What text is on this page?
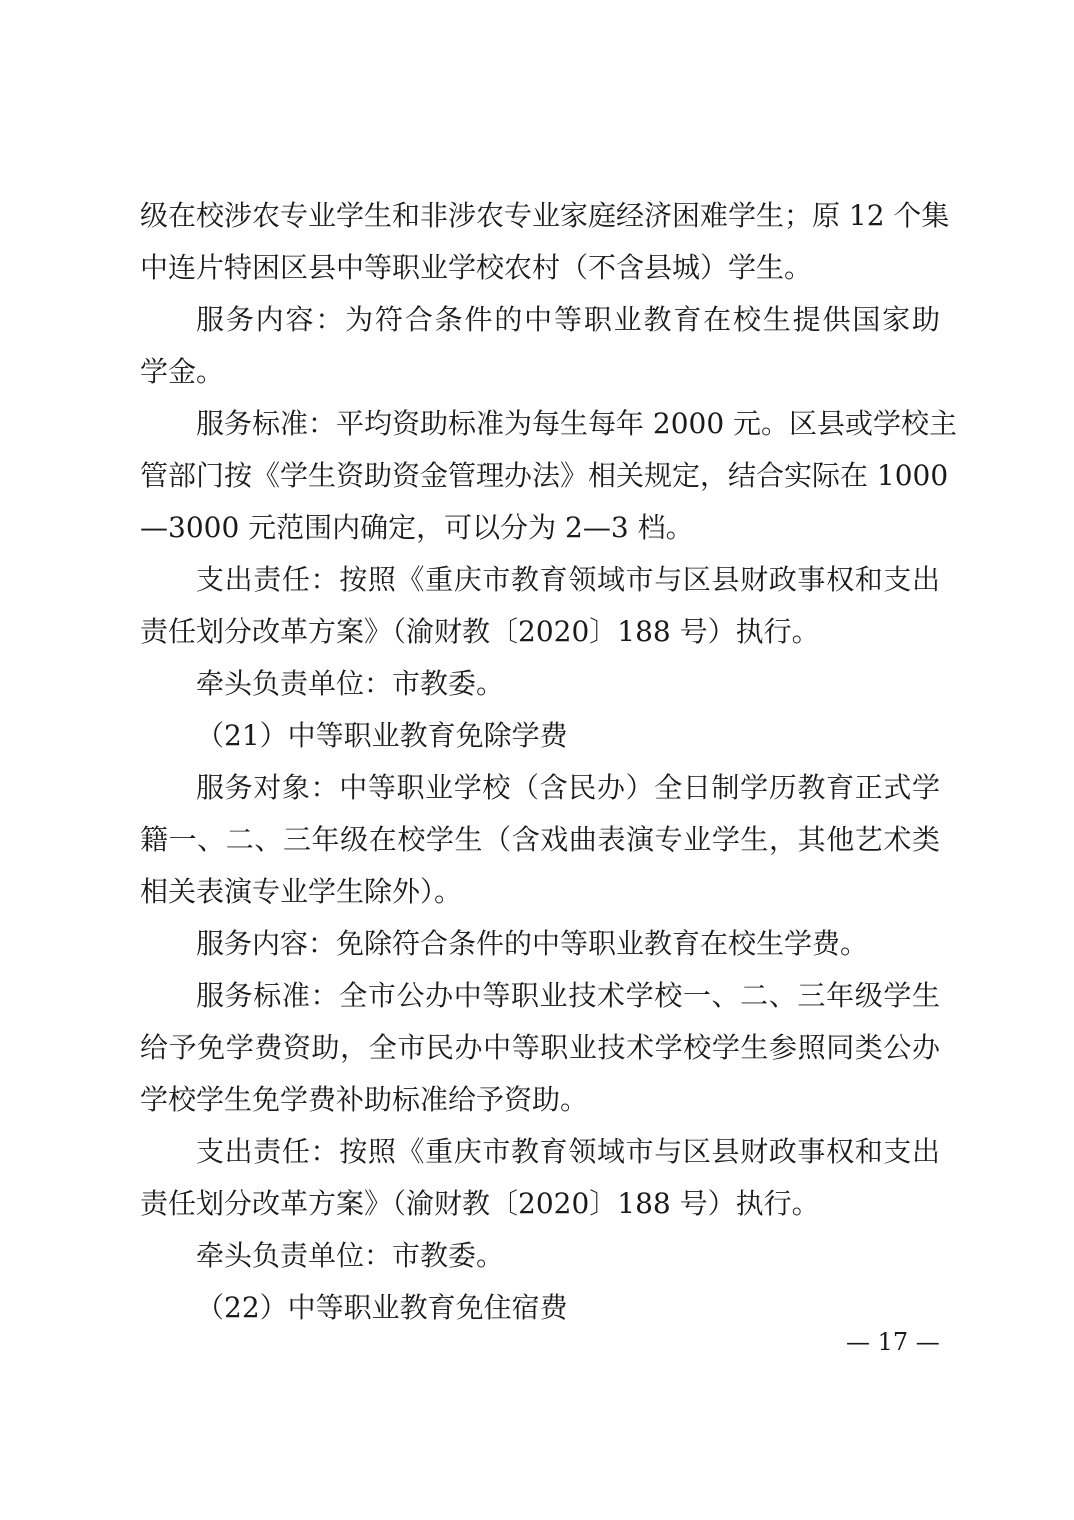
级在校涉农专业学生和非涉农专业家庭经济困难学生；原 12 个集
中连片特困区县中等职业学校农村（不含县城）学生。
服务内容：为符合条件的中等职业教育在校生提供国家助
学金。
服务标准：平均资助标准为每生每年 2000 元。区县或学校主
管部门按《学生资助资金管理办法》相关规定，结合实际在 1000
—3000 元范围内确定，可以分为 2—3 档。
支出责任：按照《重庆市教育领域市与区县财政事权和支出
责任划分改革方案》（渝财教〔2020〕188 号）执行。
牵头负责单位：市教委。
（21）中等职业教育免除学费
服务对象：中等职业学校（含民办）全日制学历教育正式学
籍一、二、三年级在校学生（含戏曲表演专业学生，其他艺术类
相关表演专业学生除外）。
服务内容：免除符合条件的中等职业教育在校生学费。
服务标准：全市公办中等职业技术学校一、二、三年级学生
给予免学费资助，全市民办中等职业技术学校学生参照同类公办
学校学生免学费补助标准给予资助。
支出责任：按照《重庆市教育领域市与区县财政事权和支出
责任划分改革方案》（渝财教〔2020〕188 号）执行。
牵头负责单位：市教委。
（22）中等职业教育免住宿费
— 17 —
